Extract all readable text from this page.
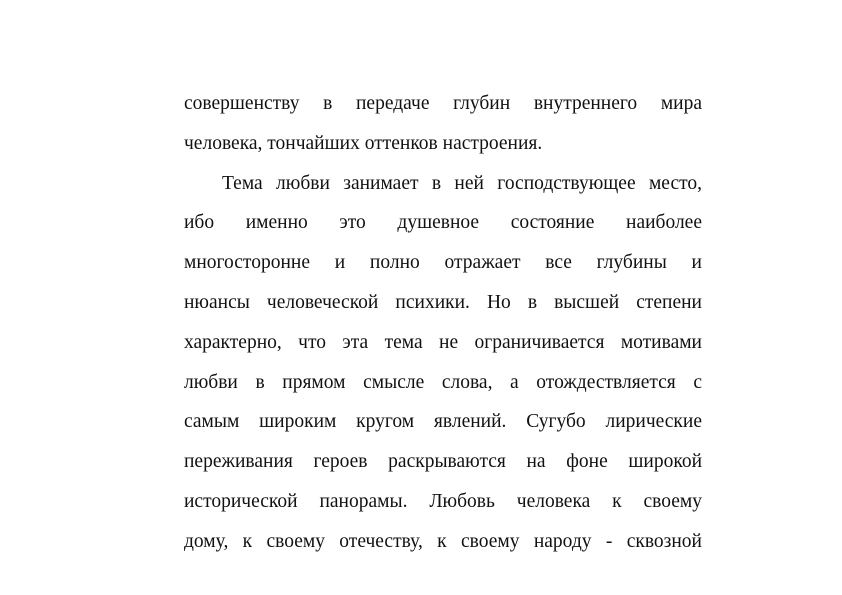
совершенству в передаче глубин внутреннего мира
человека, тончайших оттенков настроения.
Тема любви занимает в ней господствующее место,
ибо именно это душевное состояние наиболее
многосторонне и полно отражает все глубины и
нюансы человеческой психики. Но в высшей степени
характерно, что эта тема не ограничивается мотивами
любви в прямом смысле слова, а отождествляется с
самым широким кругом явлений. Сугубо лирические
переживания героев раскрываются на фоне широкой
исторической панорамы. Любовь человека к своему
дому, к своему отечеству, к своему народу - сквозной
